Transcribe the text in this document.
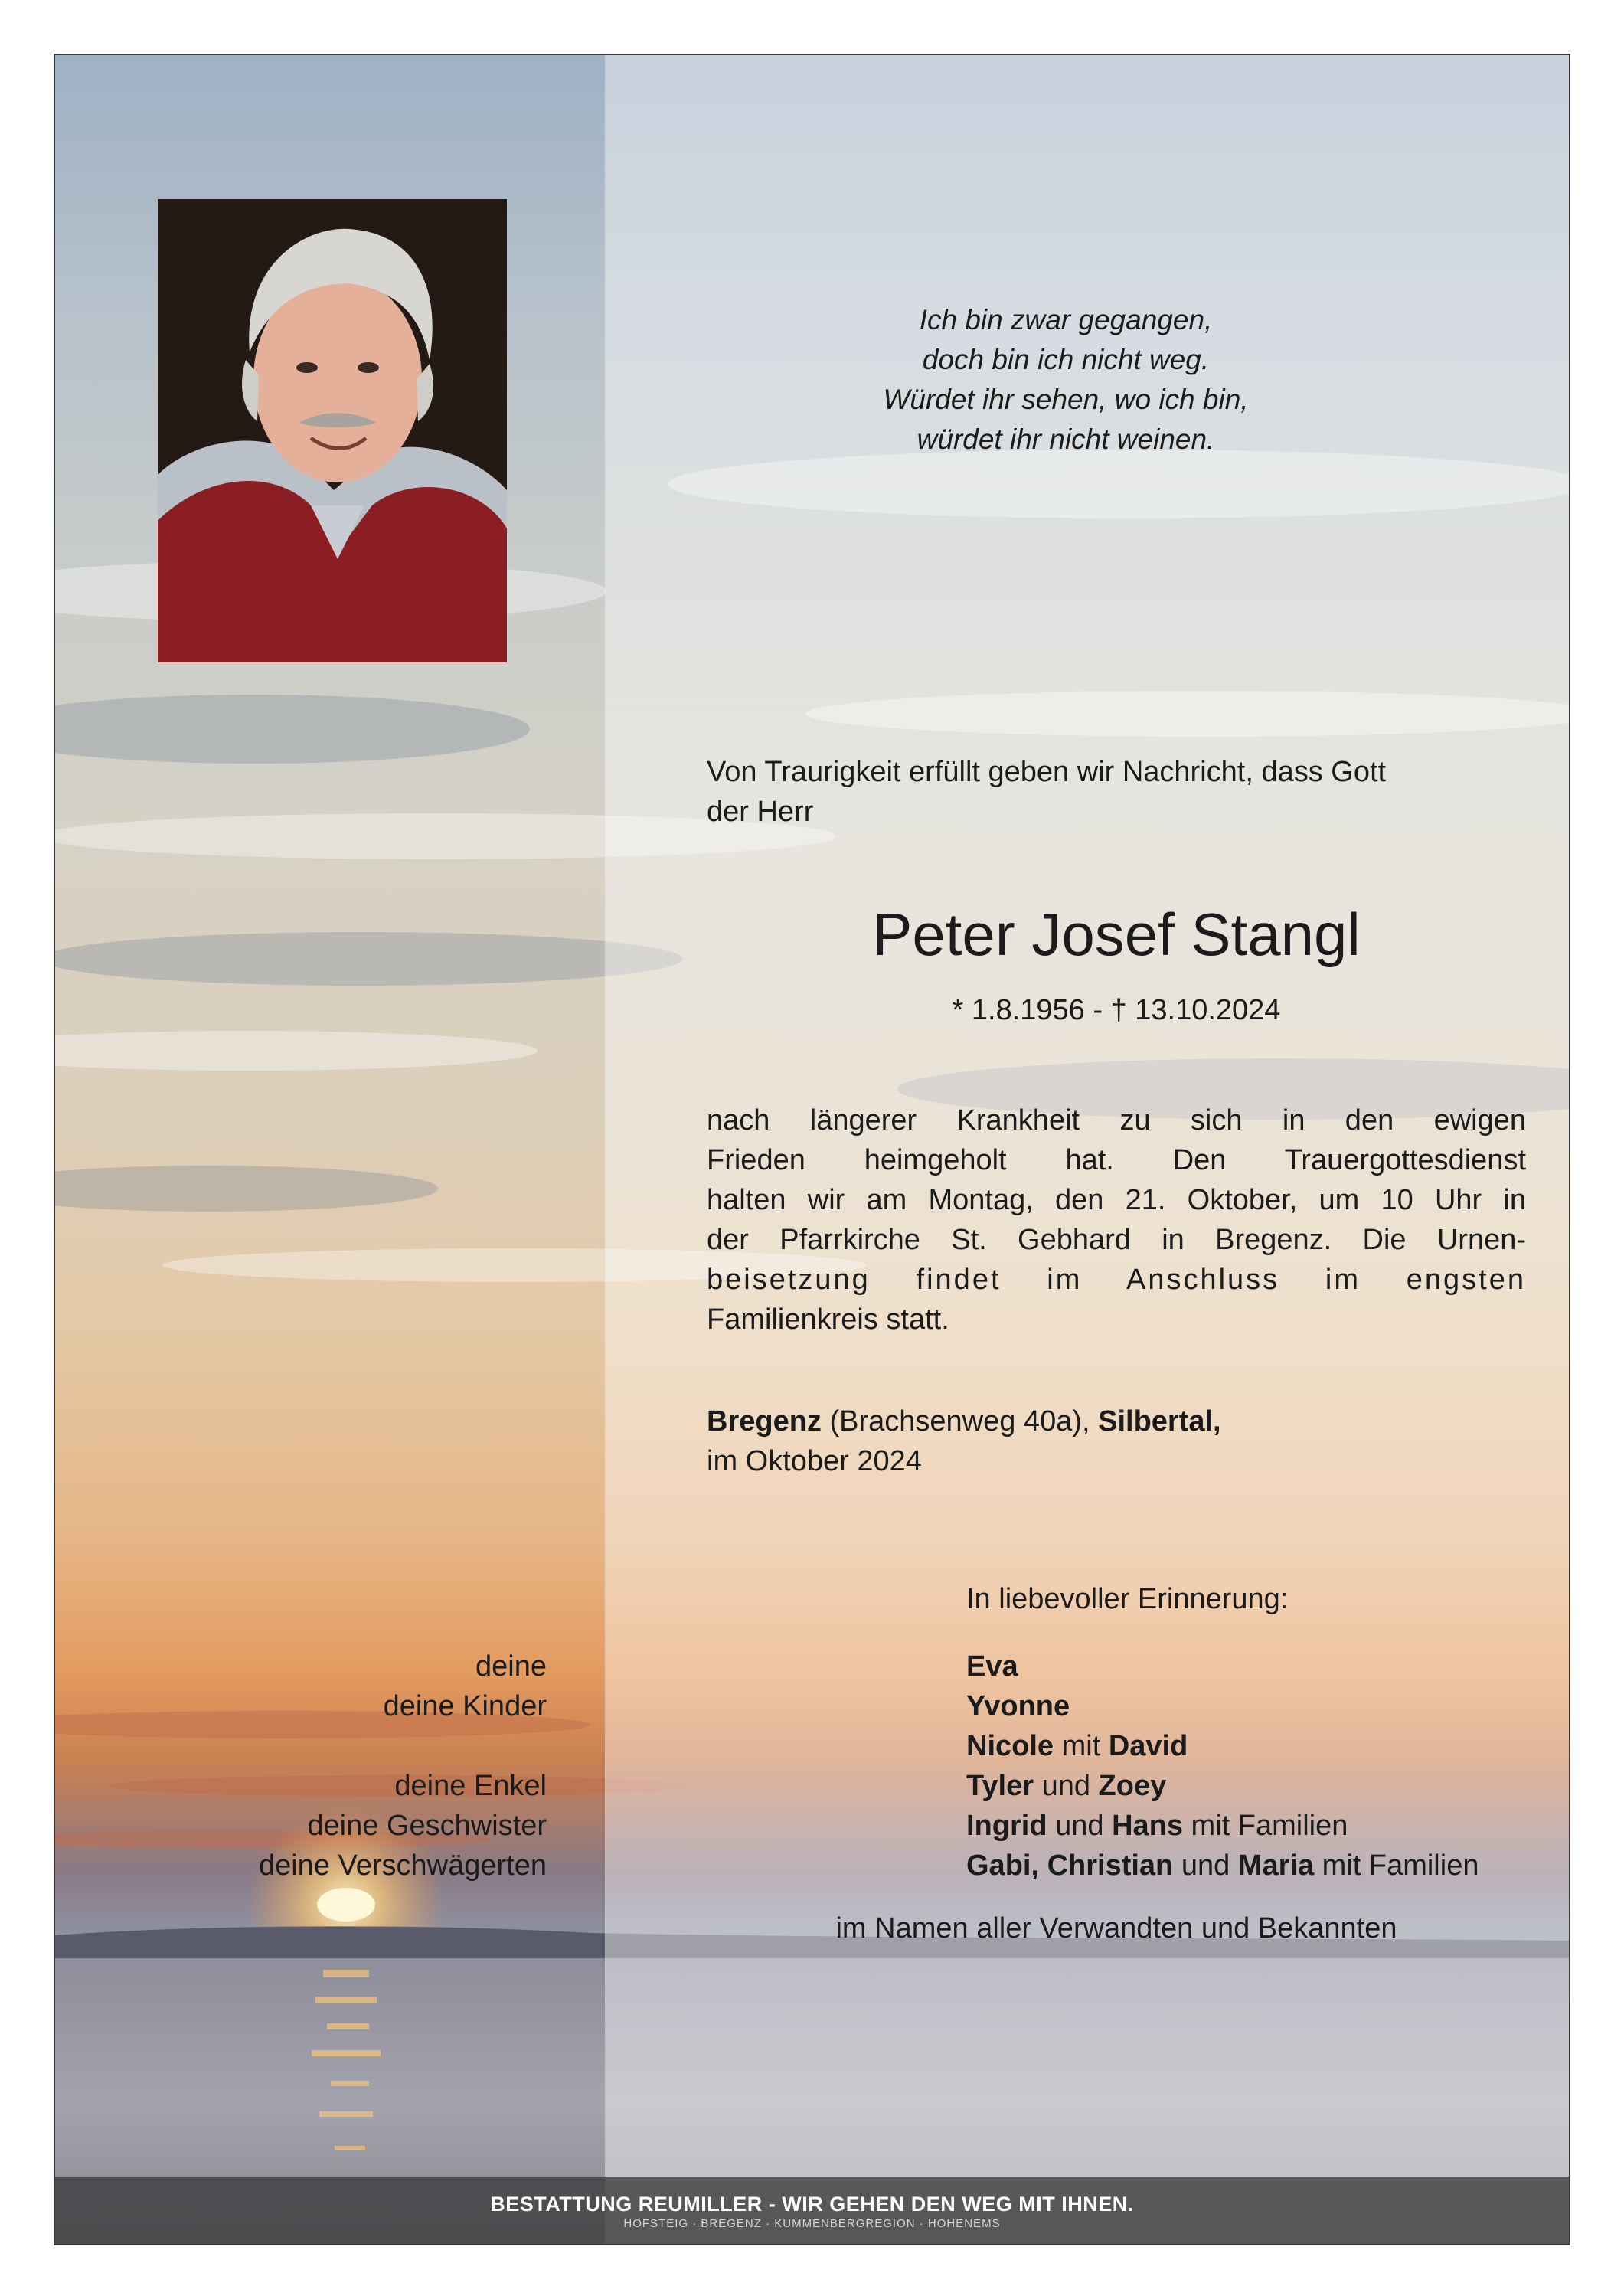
Ich bin zwar gegangen,
doch bin ich nicht weg.
Würdet ihr sehen, wo ich bin,
würdet ihr nicht weinen.
Von Traurigkeit erfüllt geben wir Nachricht, dass Gott
der Herr
Peter Josef Stangl
* 1.8.1956 - † 13.10.2024
nach längerer Krankheit zu sich in den ewigen
Frieden heimgeholt hat. Den Trauergottesdienst
halten wir am Montag, den 21. Oktober, um 10 Uhr in
der Pfarrkirche St. Gebhard in Bregenz. Die Urnen-
beisetzung findet im Anschluss im engsten
Familienkreis statt.
Bregenz (Brachsenweg 40a), Silbertal,
im Oktober 2024
In liebevoller Erinnerung:
deine	Eva
deine Kinder	Yvonne
Nicole mit David
deine Enkel	Tyler und Zoey
deine Geschwister	Ingrid und Hans mit Familien
deine Verschwägerten	Gabi, Christian und Maria mit Familien
im Namen aller Verwandten und Bekannten
BESTATTUNG REUMILLER - WIR GEHEN DEN WEG MIT IHNEN.
HOFSTEIG · BREGENZ · KUMMENBERGREGION · HOHENEMS
